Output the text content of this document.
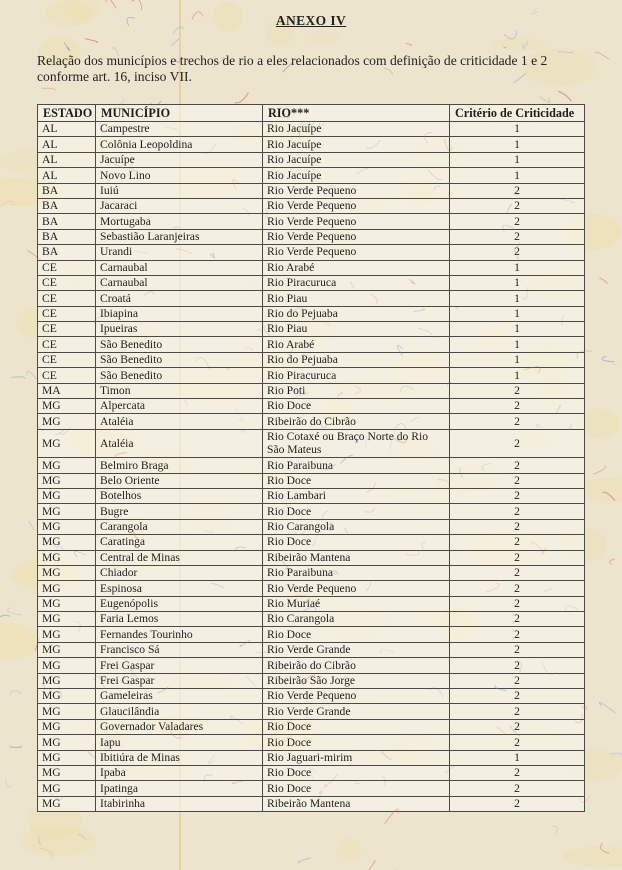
ANEXO IV

Relação dos municípios e trechos de rio a eles relacionados com definição de criticidade 1 e 2 conforme art. 16, inciso VII.

ESTADO	MUNICÍPIO	RIO***	Critério de Criticidade
AL	Campestre	Rio Jacuípe	1
AL	Colônia Leopoldina	Rio Jacuípe	1
AL	Jacuípe	Rio Jacuípe	1
AL	Novo Lino	Rio Jacuípe	1
BA	Iuiú	Rio Verde Pequeno	2
BA	Jacaraci	Rio Verde Pequeno	2
BA	Mortugaba	Rio Verde Pequeno	2
BA	Sebastião Laranjeiras	Rio Verde Pequeno	2
BA	Urandi	Rio Verde Pequeno	2
CE	Carnaubal	Rio Arabé	1
CE	Carnaubal	Rio Piracuruca	1
CE	Croatá	Rio Piau	1
CE	Ibiapina	Rio do Pejuaba	1
CE	Ipueiras	Rio Piau	1
CE	São Benedito	Rio Arabé	1
CE	São Benedito	Rio do Pejuaba	1
CE	São Benedito	Rio Piracuruca	1
MA	Timon	Rio Poti	2
MG	Alpercata	Rio Doce	2
MG	Ataléia	Ribeirão do Cibrão	2
MG	Ataléia	Rio Cotaxé ou Braço Norte do Rio São Mateus	2
MG	Belmiro Braga	Rio Paraibuna	2
MG	Belo Oriente	Rio Doce	2
MG	Botelhos	Rio Lambari	2
MG	Bugre	Rio Doce	2
MG	Carangola	Rio Carangola	2
MG	Caratinga	Rio Doce	2
MG	Central de Minas	Ribeirão Mantena	2
MG	Chiador	Rio Paraibuna	2
MG	Espinosa	Rio Verde Pequeno	2
MG	Eugenópolis	Rio Muriaé	2
MG	Faria Lemos	Rio Carangola	2
MG	Fernandes Tourinho	Rio Doce	2
MG	Francisco Sá	Rio Verde Grande	2
MG	Frei Gaspar	Ribeirão do Cibrão	2
MG	Frei Gaspar	Ribeirão São Jorge	2
MG	Gameleiras	Rio Verde Pequeno	2
MG	Glaucilândia	Rio Verde Grande	2
MG	Governador Valadares	Rio Doce	2
MG	Iapu	Rio Doce	2
MG	Ibitiúra de Minas	Rio Jaguari-mirim	1
MG	Ipaba	Rio Doce	2
MG	Ipatinga	Rio Doce	2
MG	Itabirinha	Ribeirão Mantena	2
